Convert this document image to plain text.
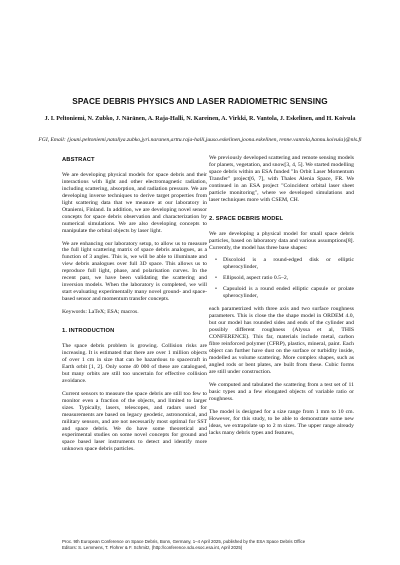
SPACE DEBRIS PHYSICS AND LASER RADIOMETRIC SENSING
J. I. Peltoniemi, N. Zubko, J. Näränen, A. Raja-Halli, N. Kareinen, A. Virkki, R. Vantola, J. Eskelinen, and H. Koivula
FGI, Email: {jouni.peltoniemi,nataliya.zubko,jyri.naranen,arttu.raja-halli,juuso.eskelinen,joona.eskelinen, renne.vantola,hannu.koivula}@nls.fi
ABSTRACT

We are developing physical models for space debris and their interactions with light and other electromagnetic radiation, including scattering, absorption, and radiation pressure. We are developing inverse techniques to derive target properties from light scattering data that we measure at our laboratory in Otaniemi, Finland. In addition, we are developing novel sensor concepts for space debris observation and characterization by numerical simulations. We are also developing concepts to manipulate the orbital objects by laser light.

We are enhancing our laboratory setup, to allow us to measure the full light scattering matrix of space debris analogues, as a function of 3 angles. This is, we will be able to illuminate and view debris analogues over full 3D space. This allows us to reproduce full light, phase, and polarisation curves. In the recent past, we have been validating the scattering and inversion models. When the laboratory is completed, we will start evaluating experimentally many novel ground- and space-based sensor and momentum transfer concepts.

Keywords: LaTeX; ESA; macros.

1. INTRODUCTION

The space debris problem is growing. Collision risks are increasing. It is estimated that there are over 1 million objects of over 1 cm in size that can be hazardous to spacecraft in Earth orbit [1, 2]. Only some 40 000 of these are catalogued, but many orbits are still too uncertain for effective collision avoidance.

Current sensors to measure the space debris are still too few to monitor even a fraction of the objects, and limited to larger sizes. Typically, lasers, telescopes, and radars used for measurements are based on legacy geodetic, astronomical, and military sensors, and are not necessarily most optimal for SST and space debris. We do have some theoretical and experimental studies on some novel concepts for ground and space based laser instruments to detect and identify more unknown space debris particles.

We previously developed scattering and remote sensing models for planets, vegetation, and snow[3, 4, 5]. We started modelling space debris within an ESA funded "In Orbit Laser Momentum Transfer" project[6, 7], with Thales Alenia Space, FR. We continued in an ESA project "Coincident orbital laser sheet particle monitoring", where we developed simulations and laser techniques more with CSEM, CH.

2. SPACE DEBRIS MODEL

We are developing a physical model for small space debris particles, based on laboratory data and various assumptions[8]. Currently, the model has three base shapes:

• Discoloid is a round-edged disk or elliptic spherocylinder,
• Ellipsoid, aspect ratio 0.5–2,
• Capsuloid is a round ended elliptic capsule or prolate spherocylinder,

each parametrized with three axis and two surface roughness parameters. This is close the the shape model in ORDEM 4.0, but our model has rounded sides and ends of the cylinder and possibly different roughness (Alyssa et al, THIS CONFERENCE). This far, materials include metal, carbon fibre reinforced polymer (CFRP), plastics, mineral, paint. Each object can further have dust on the surface or turbidity inside, modelled as volume scattering. More complex shapes, such as angled rods or bent plates, are built from these. Cubic forms are still under construction.

We computed and tabulated the scattering from a test set of 11 basic types and a few elongated objects of variable ratio or roughness.

The model is designed for a size range from 1 mm to 10 cm. However, for this study, to be able to demonstrate some new ideas, we extrapolate up to 2 m sizes. The upper range already lacks many debris types and features,

Proc. 9th European Conference on Space Debris, Bonn, Germany, 1–4 April 2025, published by the ESA Space Debris Office
Editors: S. Lemmens, T. Flohrer & F. Schmitz, (http://conference.sdo.esoc.esa.int, April 2025)
